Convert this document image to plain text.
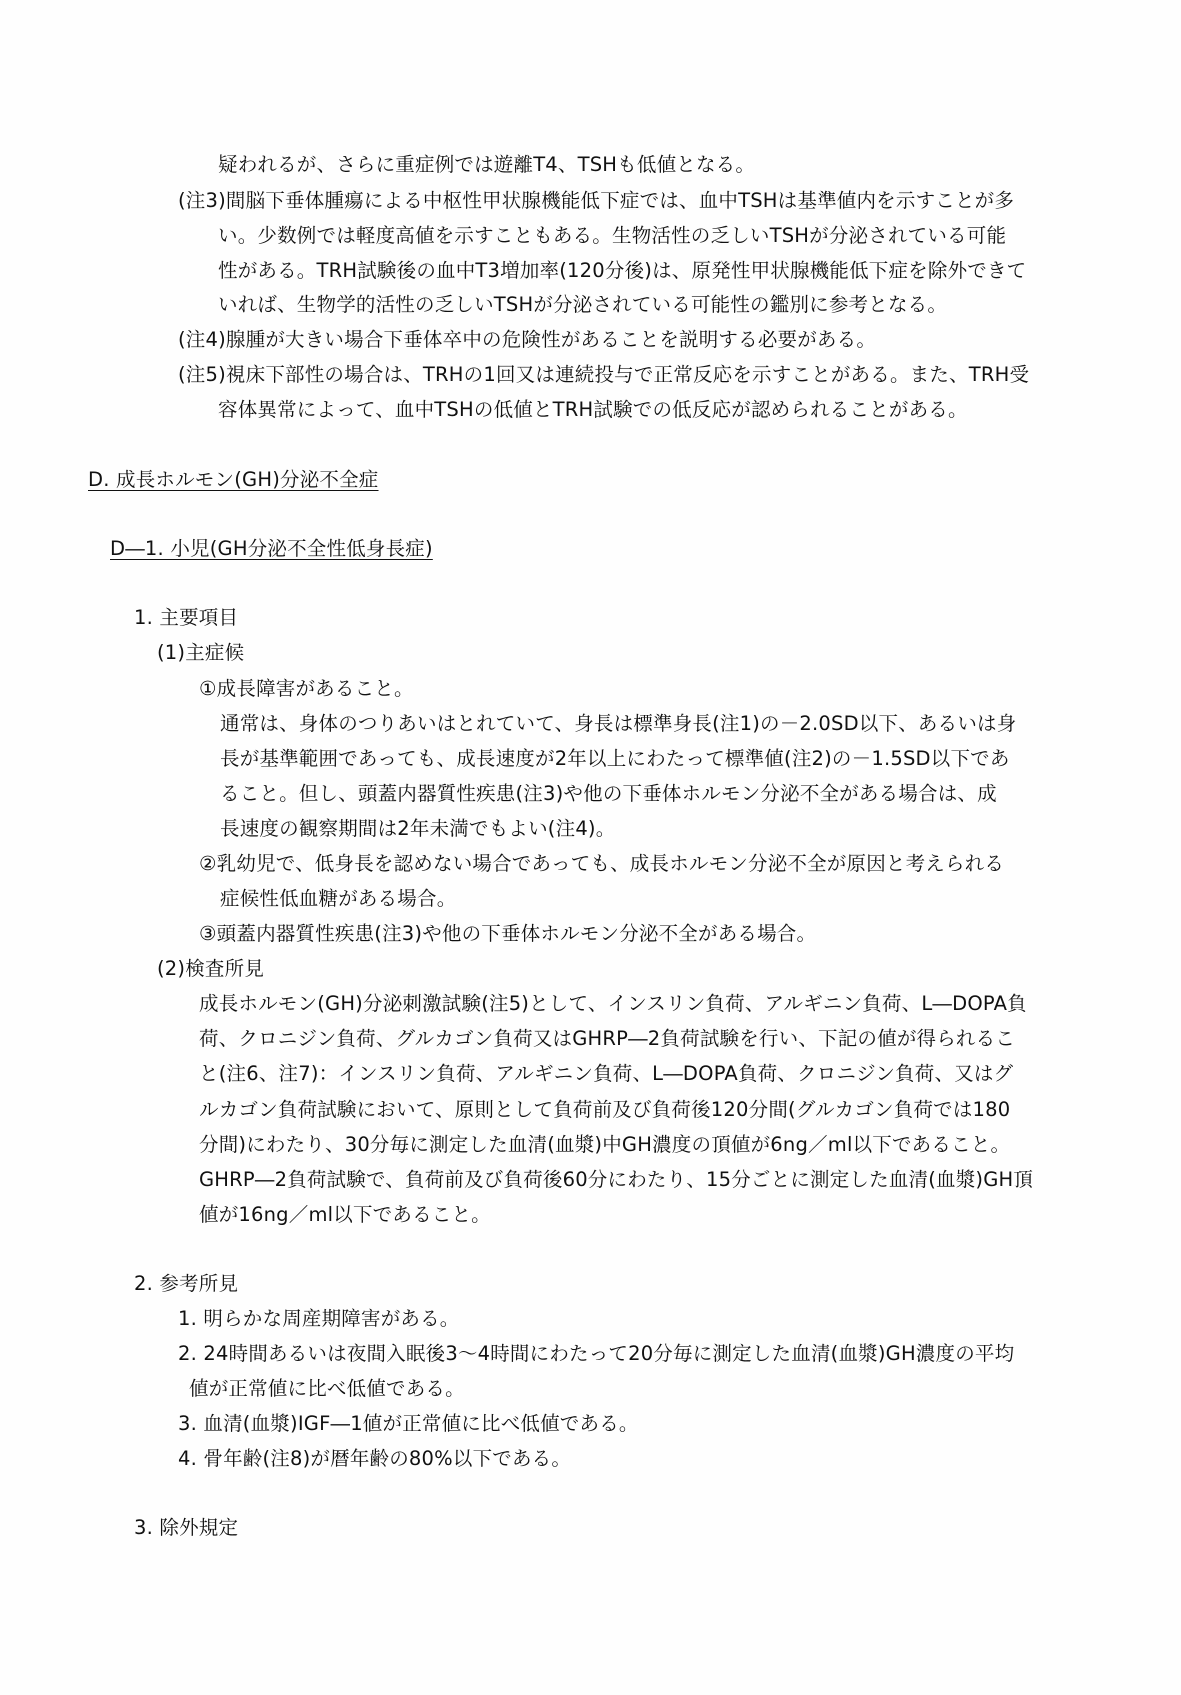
疑われるが、さらに重症例では遊離T4、TSHも低値となる。
(注3)間脳下垂体腫瘍による中枢性甲状腺機能低下症では、血中TSHは基準値内を示すことが多
い。少数例では軽度高値を示すこともある。生物活性の乏しいTSHが分泌されている可能
性がある。TRH試験後の血中T3増加率(120分後)は、原発性甲状腺機能低下症を除外できて
いれば、生物学的活性の乏しいTSHが分泌されている可能性の鑑別に参考となる。
(注4)腺腫が大きい場合下垂体卒中の危険性があることを説明する必要がある。
(注5)視床下部性の場合は、TRHの1回又は連続投与で正常反応を示すことがある。また、TRH受
容体異常によって、血中TSHの低値とTRH試験での低反応が認められることがある。
D. 成長ホルモン(GH)分泌不全症
D―1. 小児(GH分泌不全性低身長症)
1. 主要項目
(1)主症候
①成長障害があること。
通常は、身体のつりあいはとれていて、身長は標準身長(注1)の－2.0SD以下、あるいは身
長が基準範囲であっても、成長速度が2年以上にわたって標準値(注2)の－1.5SD以下であ
ること。但し、頭蓋内器質性疾患(注3)や他の下垂体ホルモン分泌不全がある場合は、成
長速度の観察期間は2年未満でもよい(注4)。
②乳幼児で、低身長を認めない場合であっても、成長ホルモン分泌不全が原因と考えられる
症候性低血糖がある場合。
③頭蓋内器質性疾患(注3)や他の下垂体ホルモン分泌不全がある場合。
(2)検査所見
成長ホルモン(GH)分泌刺激試験(注5)として、インスリン負荷、アルギニン負荷、L―DOPA負
荷、クロニジン負荷、グルカゴン負荷又はGHRP―2負荷試験を行い、下記の値が得られるこ
と(注6、注7)：インスリン負荷、アルギニン負荷、L―DOPA負荷、クロニジン負荷、又はグ
ルカゴン負荷試験において、原則として負荷前及び負荷後120分間(グルカゴン負荷では180
分間)にわたり、30分毎に測定した血清(血漿)中GH濃度の頂値が6ng／ml以下であること。
GHRP―2負荷試験で、負荷前及び負荷後60分にわたり、15分ごとに測定した血清(血漿)GH頂
値が16ng／ml以下であること。
2. 参考所見
1. 明らかな周産期障害がある。
2. 24時間あるいは夜間入眠後3～4時間にわたって20分毎に測定した血清(血漿)GH濃度の平均
値が正常値に比べ低値である。
3. 血清(血漿)IGF―1値が正常値に比べ低値である。
4. 骨年齢(注8)が暦年齢の80%以下である。
3. 除外規定
